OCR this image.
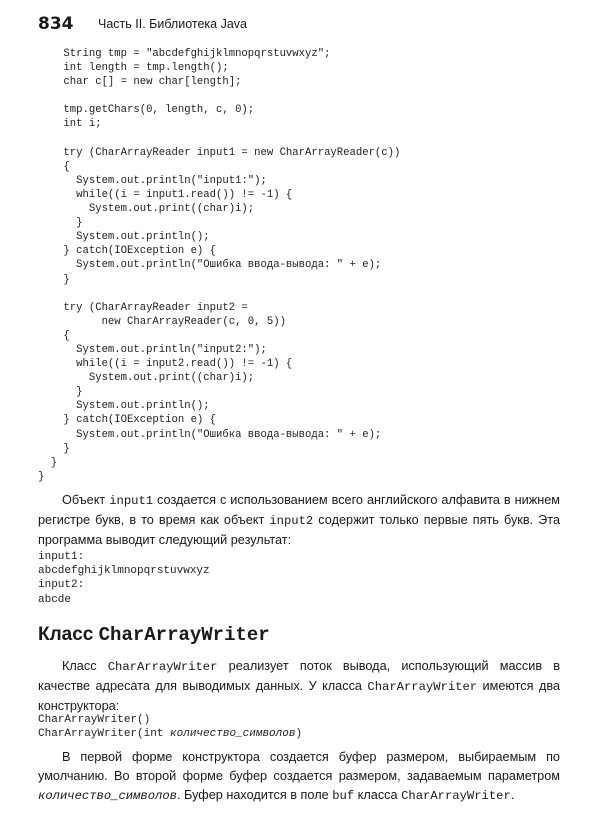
834 Часть II. Библиотека Java
String tmp = "abcdefghijklmnopqrstuvwxyz";
int length = tmp.length();
char c[] = new char[length];

tmp.getChars(0, length, c, 0);
int i;

try (CharArrayReader input1 = new CharArrayReader(c))
{
System.out.println("input1:");
while((i = input1.read()) != -1) {
System.out.print((char)i);
}
System.out.println();
} catch(IOException e) {
System.out.println("Ошибка ввода-вывода: " + e);
}

try (CharArrayReader input2 =
new CharArrayReader(c, 0, 5))
{
System.out.println("input2:");
while((i = input2.read()) != -1) {
System.out.print((char)i);
}
System.out.println();
} catch(IOException e) {
System.out.println("Ошибка ввода-вывода: " + e);
}
}
}

Объект input1 создается с использованием всего английского алфавита в нижнем регистре букв, в то время как объект input2 содержит только первые пять букв. Эта программа выводит следующий результат:

input1:
abcdefghijklmnopqrstuvwxyz
input2:
abcde
Класс CharArrayWriter

Класс CharArrayWriter реализует поток вывода, использующий массив в качестве адресата для выводимых данных. У класса CharArrayWriter имеются два конструктора:

CharArrayWriter()
CharArrayWriter(int количество_символов)

В первой форме конструктора создается буфер размером, выбираемым по умолчанию. Во второй форме буфер создается размером, задаваемым параметром количество_символов. Буфер находится в поле buf класса CharArrayWriter.
